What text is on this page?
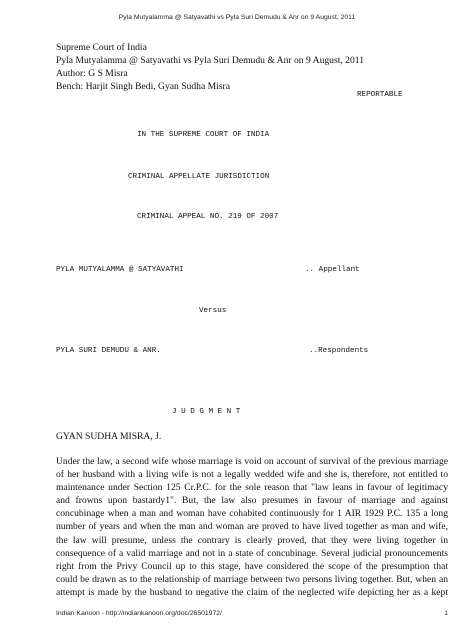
Pyla Mutyalamma @ Satyavathi vs Pyla Suri Demudu & Anr on 9 August, 2011
Supreme Court of India
Pyla Mutyalamma @ Satyavathi vs Pyla Suri Demudu & Anr on 9 August, 2011
Author: G S Misra
Bench: Harjit Singh Bedi, Gyan Sudha Misra
REPORTABLE
IN THE SUPREME COURT OF INDIA
CRIMINAL APPELLATE JURISDICTION
CRIMINAL APPEAL NO. 219 OF 2007
PYLA MUTYALAMMA @ SATYAVATHI	.. Appellant
Versus
PYLA SURI DEMUDU & ANR.	..Respondents
J U D G M E N T
GYAN SUDHA MISRA, J.
Under the law, a second wife whose marriage is void on account of survival of the previous marriage
of her husband with a living wife is not a legally wedded wife and she is, therefore, not entitled to
maintenance under Section 125 Cr.P.C. for the sole reason that "law leans in favour of legitimacy
and frowns upon bastardy1". But, the law also presumes in favour of marriage and against
concubinage when a man and woman have cohabited continuously for 1 AIR 1929 P.C. 135 a long
number of years and when the man and woman are proved to have lived together as man and wife,
the law will presume, unless the contrary is clearly proved, that they were living together in
consequence of a valid marriage and not in a state of concubinage. Several judicial pronouncements
right from the Privy Council up to this stage, have considered the scope of the presumption that
could be drawn as to the relationship of marriage between two persons living together. But, when an
attempt is made by the husband to negative the claim of the neglected wife depicting her as a kept
Indian Kanoon - http://indiankanoon.org/doc/26501972/	1
